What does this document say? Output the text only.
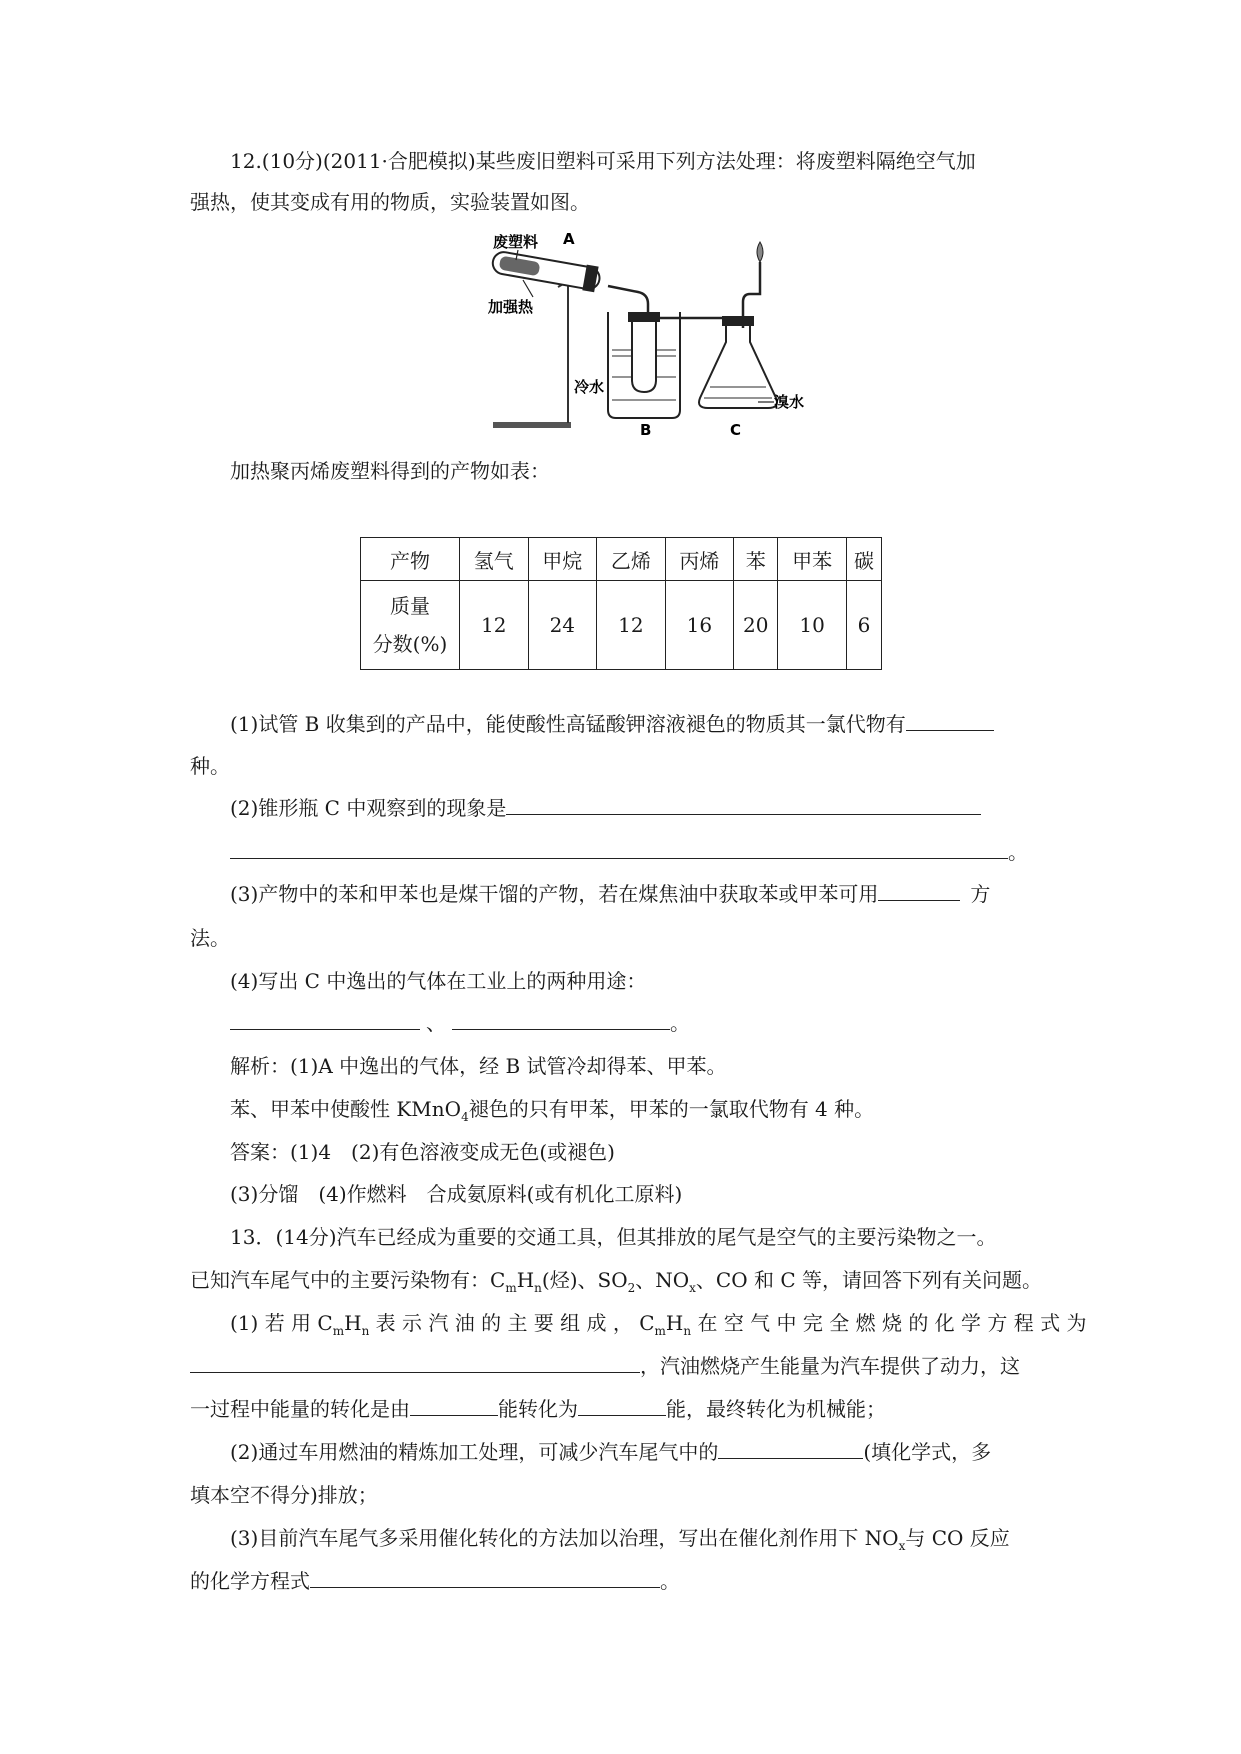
12.(10分)(2011·合肥模拟)某些废旧塑料可采用下列方法处理：将废塑料隔绝空气加
强热，使其变成有用的物质，实验装置如图。
废塑料 A
加强热
冷水
B	C
溴水
加热聚丙烯废塑料得到的产物如表：
产物	氢气	甲烷	乙烯	丙烯	苯	甲苯	碳
质量
分数(%)	12	24	12	16	20	10	6
(1)试管 B 收集到的产品中，能使酸性高锰酸钾溶液褪色的物质其一氯代物有
种。
(2)锥形瓶 C 中观察到的现象是
。
(3)产物中的苯和甲苯也是煤干馏的产物，若在煤焦油中获取苯或甲苯可用	方
法。
(4)写出 C 中逸出的气体在工业上的两种用途：
、	。
解析：(1)A 中逸出的气体，经 B 试管冷却得苯、甲苯。
苯、甲苯中使酸性 KMnO$_4$褪色的只有甲苯，甲苯的一氯取代物有 4 种。
答案：(1)4　(2)有色溶液变成无色(或褪色)
(3)分馏　(4)作燃料　合成氨原料(或有机化工原料)
13．(14分)汽车已经成为重要的交通工具，但其排放的尾气是空气的主要污染物之一。
已知汽车尾气中的主要污染物有：$C_mH_n$(烃)、$SO_2$、$NO_x$、CO 和 C 等，请回答下列有关问题。
(1) 若 用 $C_mH_n$ 表 示 汽 油 的 主 要 组 成 ， $C_mH_n$ 在 空 气 中 完 全 燃 烧 的 化 学 方 程 式 为
，汽油燃烧产生能量为汽车提供了动力，这
一过程中能量的转化是由	能转化为	能，最终转化为机械能；
(2)通过车用燃油的精炼加工处理，可减少汽车尾气中的	(填化学式，多
填本空不得分)排放；
(3)目前汽车尾气多采用催化转化的方法加以治理，写出在催化剂作用下 $NO_x$与 CO 反应
的化学方程式	。
